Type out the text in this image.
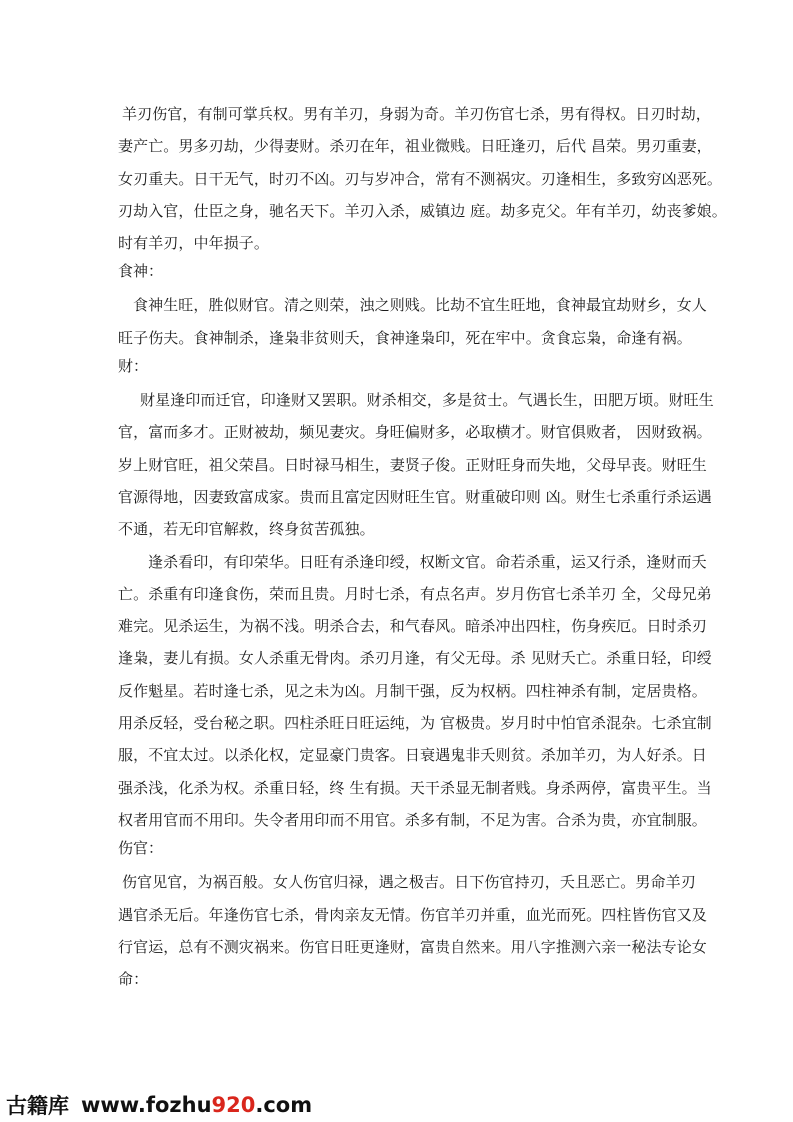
羊刃伤官，有制可掌兵权。男有羊刃，身弱为奇。羊刃伤官七杀，男有得权。日刃时劫，
妻产亡。男多刃劫，少得妻财。杀刃在年，祖业微贱。日旺逢刃，后代 昌荣。男刃重妻，
女刃重夫。日干无气，时刃不凶。刃与岁冲合，常有不测祸灾。刃逢相生，多致穷凶恶死。
刃劫入官，仕臣之身，驰名天下。羊刃入杀，威镇边 庭。劫多克父。年有羊刃，幼丧爹娘。
时有羊刃，中年损子。
食神：
食神生旺，胜似财官。清之则荣，浊之则贱。比劫不宜生旺地，食神最宜劫财乡，女人
旺子伤夫。食神制杀，逢枭非贫则夭，食神逢枭印，死在牢中。贪食忘枭，命逢有祸。
财：
财星逢印而迁官，印逢财又罢职。财杀相交，多是贫士。气遇长生，田肥万顷。财旺生
官，富而多才。正财被劫，频见妻灾。身旺偏财多，必取横才。财官俱败者， 因财致祸。
岁上财官旺，祖父荣昌。日时禄马相生，妻贤子俊。正财旺身而失地，父母早丧。财旺生
官源得地，因妻致富成家。贵而且富定因财旺生官。财重破印则 凶。财生七杀重行杀运遇
不通，若无印官解救，终身贫苦孤独。
逢杀看印，有印荣华。日旺有杀逢印绶，权断文官。命若杀重，运又行杀，逢财而夭
亡。杀重有印逢食伤，荣而且贵。月时七杀，有点名声。岁月伤官七杀羊刃 全，父母兄弟
难完。见杀运生，为祸不浅。明杀合去，和气春风。暗杀冲出四柱，伤身疾厄。日时杀刃
逢枭，妻儿有损。女人杀重无骨肉。杀刃月逢，有父无母。杀 见财夭亡。杀重日轻，印绶
反作魁星。若时逢七杀，见之未为凶。月制干强，反为权柄。四柱神杀有制，定居贵格。
用杀反轻，受台秘之职。四柱杀旺日旺运纯，为 官极贵。岁月时中怕官杀混杂。七杀宜制
服，不宜太过。以杀化权，定显豪门贵客。日衰遇鬼非夭则贫。杀加羊刃，为人好杀。日
强杀浅，化杀为权。杀重日轻，终 生有损。天干杀显无制者贱。身杀两停，富贵平生。当
权者用官而不用印。失令者用印而不用官。杀多有制，不足为害。合杀为贵，亦宜制服。
伤官：
伤官见官，为祸百般。女人伤官归禄，遇之极吉。日下伤官持刃，夭且恶亡。男命羊刃
遇官杀无后。年逢伤官七杀，骨肉亲友无情。伤官羊刃并重，血光而死。四柱皆伤官又及
行官运，总有不测灾祸来。伤官日旺更逢财，富贵自然来。用八字推测六亲一秘法专论女
命：
古籍库 www.fozhu920.com
